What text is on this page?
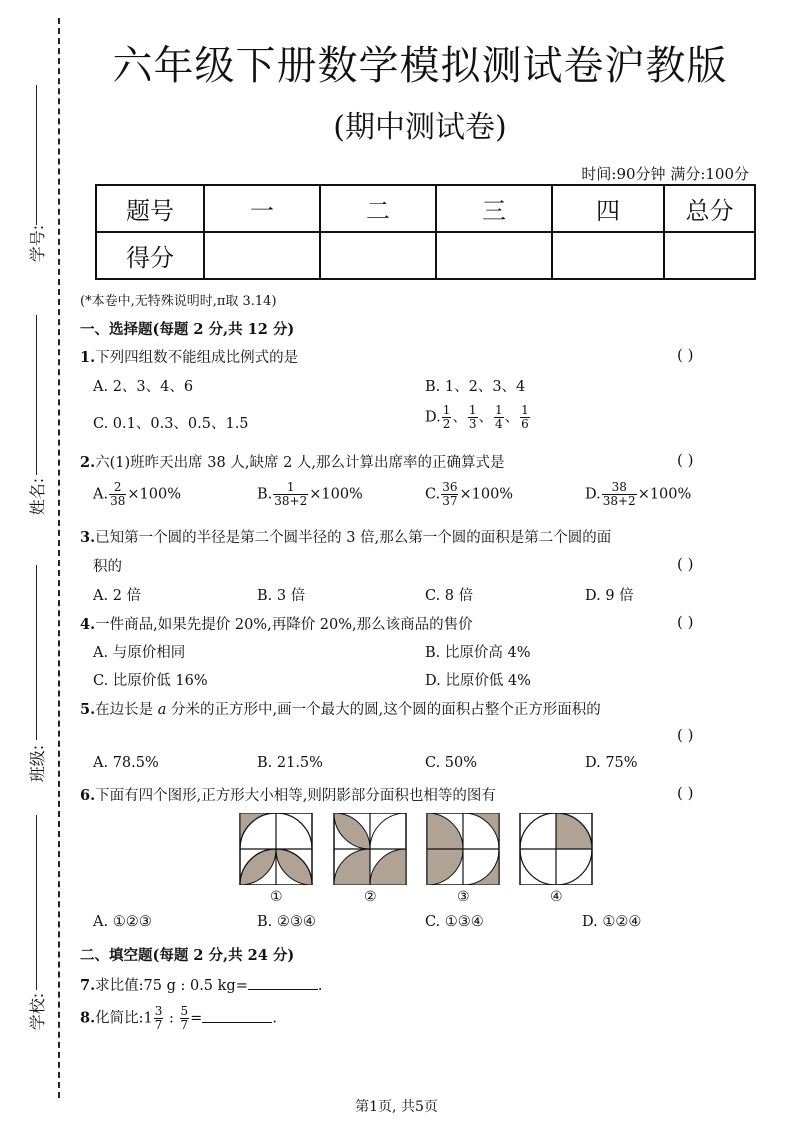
学号:
姓名:
班级:
学校:
六年级下册数学模拟测试卷沪教版
(期中测试卷)
时间:90分钟 满分:100分
题号	一	二	三	四	总分
得分					
(*本卷中,无特殊说明时,π取 3.14)
一、选择题(每题 2 分,共 12 分)
1.下列四组数不能组成比例式的是	( )
A. 2、3、4、6	B. 1、2、3、4
C. 0.1、0.3、0.5、1.5	D. $\frac{1}{2}$ 、 $\frac{1}{3}$ 、 $\frac{1}{4}$ 、 $\frac{1}{6}$
2.六(1)班昨天出席 38 人,缺席 2 人,那么计算出席率的正确算式是	( )
A. $\frac{2}{38} \times 100\%$	B. $\frac{1}{38+2} \times 100\%$	C. $\frac{36}{37} \times 100\%$	D. $\frac{38}{38+2} \times 100\%$
3.已知第一个圆的半径是第二个圆半径的 3 倍,那么第一个圆的面积是第二个圆的面
积的	( )
A. 2 倍	B. 3 倍	C. 8 倍	D. 9 倍
4.一件商品,如果先提价 20%,再降价 20%,那么该商品的售价	( )
A. 与原价相同	B. 比原价高 4%
C. 比原价低 16%	D. 比原价低 4%
5.在边长是 a 分米的正方形中,画一个最大的圆,这个圆的面积占整个正方形面积的
( )
A. 78.5%	B. 21.5%	C. 50%	D. 75%
6.下面有四个图形,正方形大小相等,则阴影部分面积也相等的图有	( )
①	②	③	④
A. ①②③	B. ②③④	C. ①③④	D. ①②④
二、填空题(每题 2 分,共 24 分)
7.求比值:75 g : 0.5 kg=	.
8.化简比:1 $\frac{3}{7}$ : $\frac{5}{7}$ =	.
第1页, 共5页
